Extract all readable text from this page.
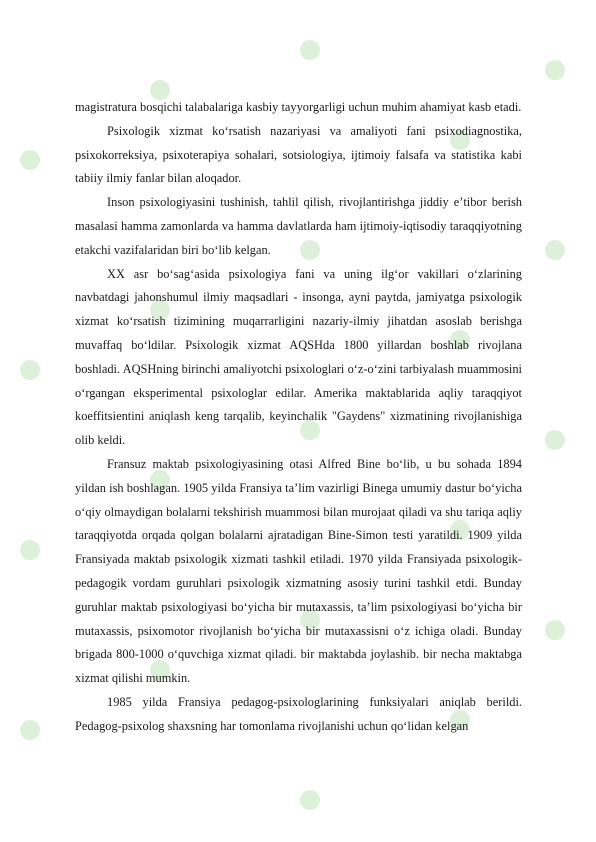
magistratura bosqichi talabalariga kasbiy tayyorgarligi uchun muhim ahamiyat kasb etadi.

Psixologik xizmat koʻrsatish nazariyasi va amaliyoti fani psixodiagnostika, psixokorreksiya, psixoterapiya sohalari, sotsiologiya, ijtimoiy falsafa va statistika kabi tabiiy ilmiy fanlar bilan aloqador.

Inson psixologiyasini tushinish, tahlil qilish, rivojlantirishga jiddiy eʼtibor berish masalasi hamma zamonlarda va hamma davlatlarda ham ijtimoiy-iqtisodiy taraqqiyotning etakchi vazifalaridan biri boʻlib kelgan.

XX asr boʻsagʻasida psixologiya fani va uning ilgʻor vakillari oʻzlarining navbatdagi jahonshumul ilmiy maqsadlari - insonga, ayni paytda, jamiyatga psixologik xizmat koʻrsatish tizimining muqarrarligini nazariy-ilmiy jihatdan asoslab berishga muvaffaq boʻldilar. Psixologik xizmat AQSHda 1800 yillardan boshlab rivojlana boshladi. AQSHning birinchi amaliyotchi psixologlari oʻz-oʻzini tarbiyalash muammosini oʻrgangan eksperimental psixologlar edilar. Amerika maktablarida aqliy taraqqiyot koeffitsientini aniqlash keng tarqalib, keyinchalik "Gaydens" xizmatining rivojlanishiga olib keldi.

Fransuz maktab psixologiyasining otasi Alfred Bine boʻlib, u bu sohada 1894 yildan ish boshlagan. 1905 yilda Fransiya taʼlim vazirligi Binega umumiy dastur boʻyicha oʻqiy olmaydigan bolalarni tekshirish muammosi bilan murojaat qiladi va shu tariqa aqliy taraqqiyotda orqada qolgan bolalarni ajratadigan Bine-Simon testi yaratildi. 1909 yilda Fransiyada maktab psixologik xizmati tashkil etiladi. 1970 yilda Fransiyada psixologik-pedagogik vordam guruhlari psixologik xizmatning asosiy turini tashkil etdi. Bunday guruhlar maktab psixologiyasi boʻyicha bir mutaxassis, taʼlim psixologiyasi boʻyicha bir mutaxassis, psixomotor rivojlanish boʻyicha bir mutaxassisni oʻz ichiga oladi. Bunday brigada 800-1000 oʻquvchiga xizmat qiladi. bir maktabda joylashib. bir necha maktabga xizmat qilishi mumkin.

1985 yilda Fransiya pedagog-psixologlarining funksiyalari aniqlab berildi. Pedagog-psixolog shaxsning har tomonlama rivojlanishi uchun qoʻlidan kelgan
